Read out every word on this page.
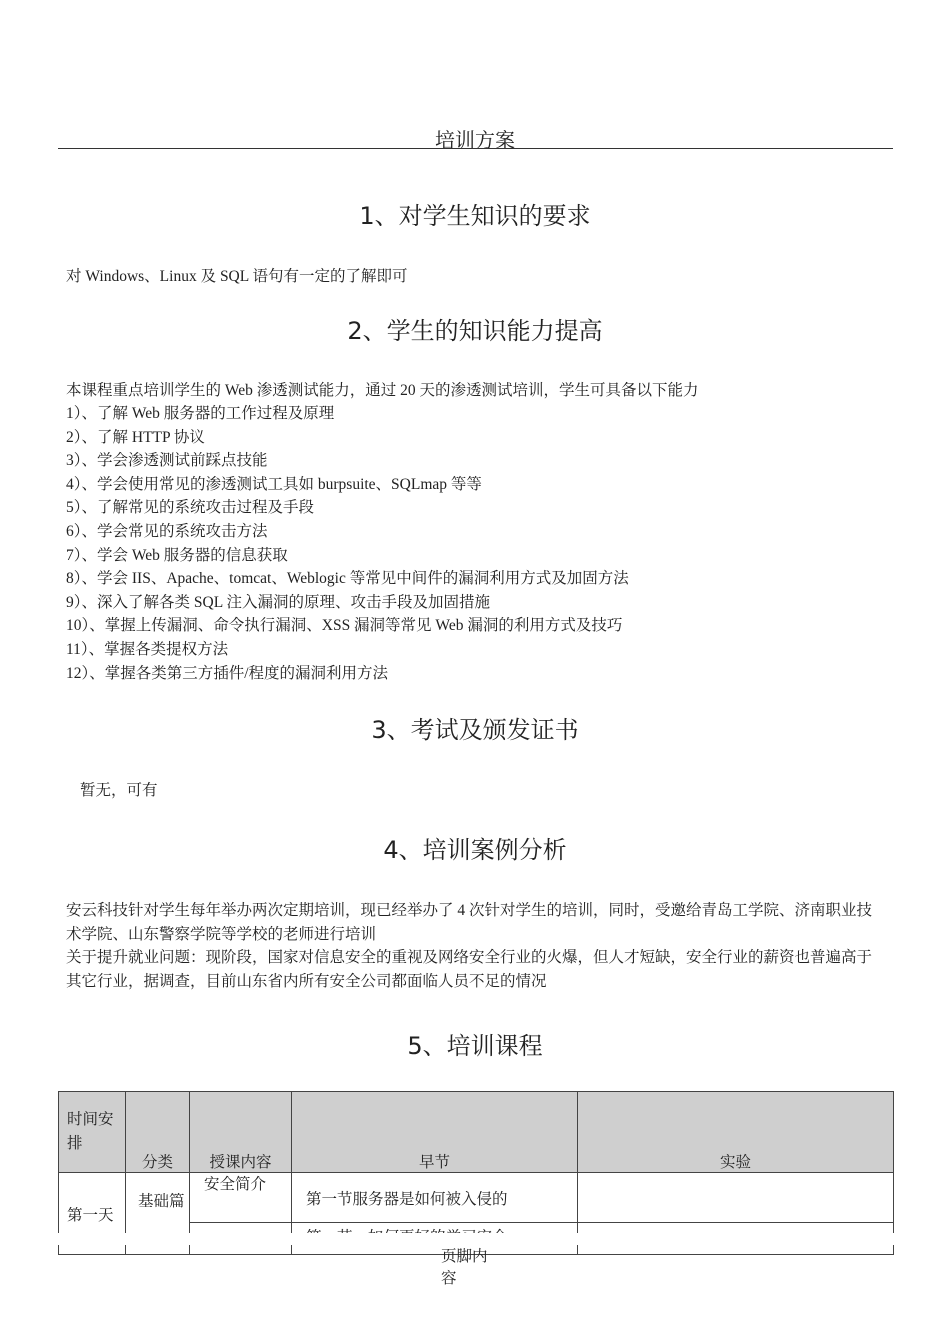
培训方案
1、对学生知识的要求
对 Windows、Linux 及 SQL 语句有一定的了解即可
2、学生的知识能力提高
本课程重点培训学生的 Web 渗透测试能力，通过 20 天的渗透测试培训，学生可具备以下能力
1）、了解 Web 服务器的工作过程及原理
2）、了解 HTTP 协议
3）、学会渗透测试前踩点技能
4）、学会使用常见的渗透测试工具如 burpsuite、SQLmap 等等
5）、了解常见的系统攻击过程及手段
6）、学会常见的系统攻击方法
7）、学会 Web 服务器的信息获取
8）、学会 IIS、Apache、tomcat、Weblogic 等常见中间件的漏洞利用方式及加固方法
9）、深入了解各类 SQL 注入漏洞的原理、攻击手段及加固措施
10）、掌握上传漏洞、命令执行漏洞、XSS 漏洞等常见 Web 漏洞的利用方式及技巧
11）、掌握各类提权方法
12）、掌握各类第三方插件/程度的漏洞利用方法
3、考试及颁发证书
暂无，可有
4、培训案例分析

安云科技针对学生每年举办两次定期培训，现已经举办了 4 次针对学生的培训，同时，受邀给青岛工学院、济南职业技术学院、山东警察学院等学校的老师进行培训

关于提升就业问题：现阶段，国家对信息安全的重视及网络安全行业的火爆，但人才短缺，安全行业的薪资也普遍高于其它行业，据调查，目前山东省内所有安全公司都面临人员不足的情况

5、培训课程
时间安排	分类	授课内容	早节	实验
第一天	基础篇	安全简介	第一节服务器是如何被入侵的	

页脚内容
